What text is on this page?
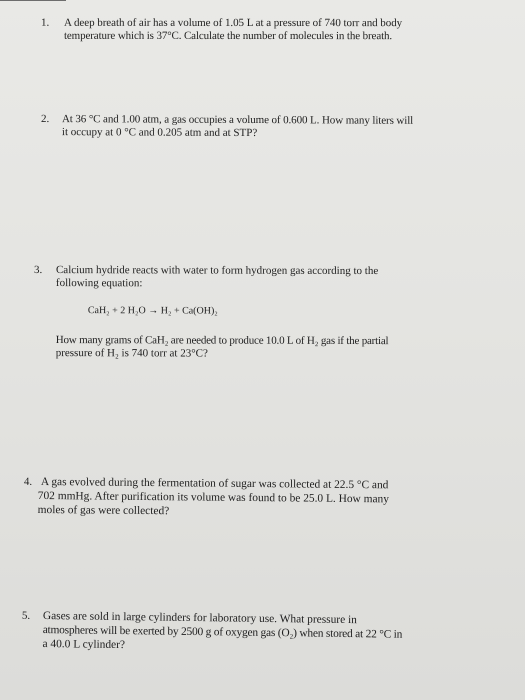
1. A deep breath of air has a volume of 1.05 L at a pressure of 740 torr and body
temperature which is 37°C. Calculate the number of molecules in the breath.
2. At 36 °C and 1.00 atm, a gas occupies a volume of 0.600 L. How many liters will
it occupy at 0 °C and 0.205 atm and at STP?
3. Calcium hydride reacts with water to form hydrogen gas according to the
following equation:
CaH₂ + 2 H₂O → H₂ + Ca(OH)₂
How many grams of CaH₂ are needed to produce 10.0 L of H₂ gas if the partial
pressure of H₂ is 740 torr at 23°C?
4. A gas evolved during the fermentation of sugar was collected at 22.5 °C and
702 mmHg. After purification its volume was found to be 25.0 L. How many
moles of gas were collected?
5. Gases are sold in large cylinders for laboratory use. What pressure in
atmospheres will be exerted by 2500 g of oxygen gas (O₂) when stored at 22 °C in
a 40.0 L cylinder?
